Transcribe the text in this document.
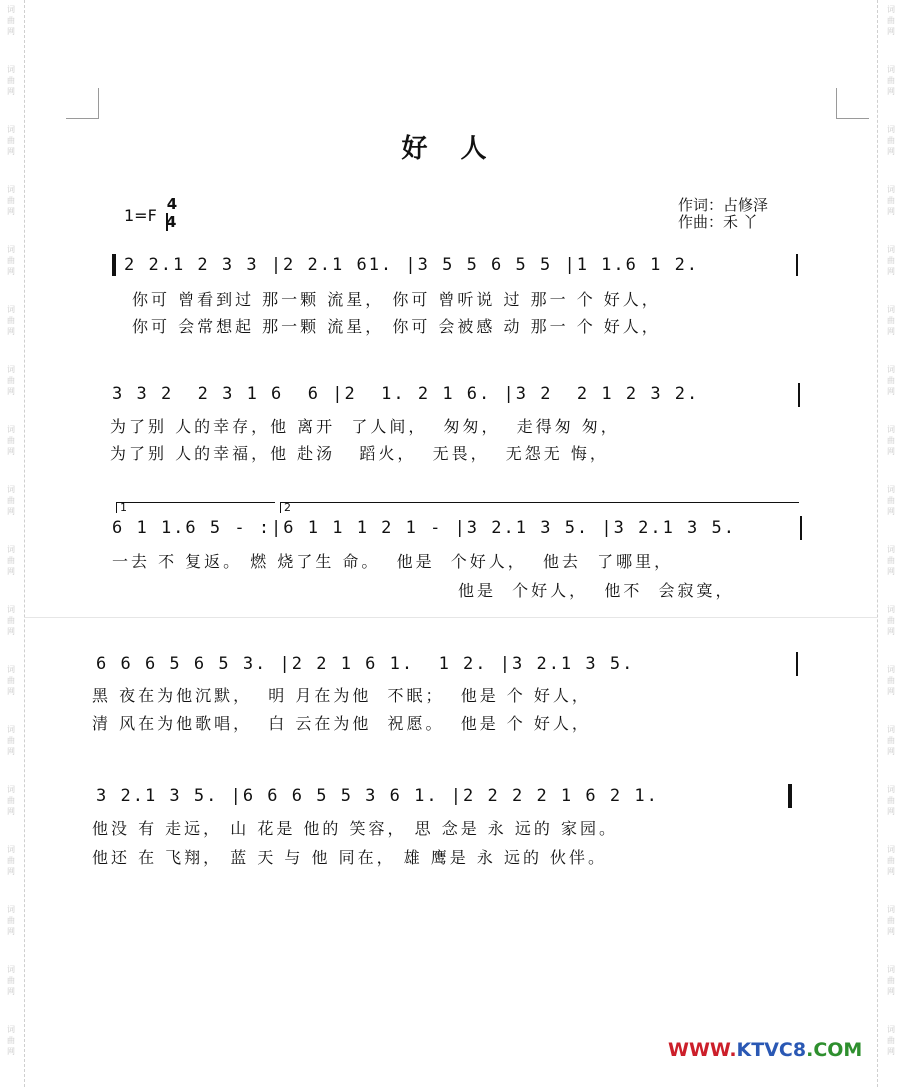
词
曲
网
词
曲
网
词
曲
网
词
曲
网
词
曲
网
词
曲
网
词
曲
网
词
曲
网
词
曲
网
词
曲
网
词
曲
网
词
曲
网
词
曲
网
词
曲
网
词
曲
网
词
曲
网
词
曲
网
词
曲
网
词
曲
网
词
曲
网
词
曲
网
词
曲
网
词
曲
网
词
曲
网
词
曲
网
词
曲
网
词
曲
网
词
曲
网
词
曲
网
词
曲
网
词
曲
网
词
曲
网
词
曲
网
词
曲
网
词
曲
网
词
曲
网
好 人
1=F
4
4
作词：占修泽
作曲：禾 丫
2 2.1 2 3 3 |2 2.1 61. |3 5 5 6 5 5 |1 1.6 1 2.
你可 曾看到过 那一颗 流星， 你可 曾听说 过 那一 个 好人，
你可 会常想起 那一颗 流星， 你可 会被感 动 那一 个 好人，
3 3 2  2 3 1 6  6 |2  1. 2 1 6. |3 2  2 1 2 3 2.
为了别 人的幸存，他 离开  了人间，  匆匆，  走得匆 匆，
为了别 人的幸福，他 赴汤   蹈火，  无畏，  无怨无 悔，
1	2
6 1 1.6 5 - :|6 1 1 1 2 1 - |3 2.1 3 5. |3 2.1 3 5.
一去 不 复返。 燃 烧了生 命。  他是  个好人，  他去  了哪里，
他是  个好人，  他不  会寂寞，
6 6 6 5 6 5 3. |2 2 1 6 1.  1 2. |3 2.1 3 5.
黑 夜在为他沉默，  明 月在为他  不眠；  他是 个 好人，
清 风在为他歌唱，  白 云在为他  祝愿。  他是 个 好人，
3 2.1 3 5. |6 6 6 5 5 3 6 1. |2 2 2 2 1 6 2 1.
他没 有 走远， 山 花是 他的 笑容， 思 念是 永 远的 家园。
他还 在 飞翔， 蓝 天 与 他 同在， 雄 鹰是 永 远的 伙伴。
WWW.KTVC8.COM
